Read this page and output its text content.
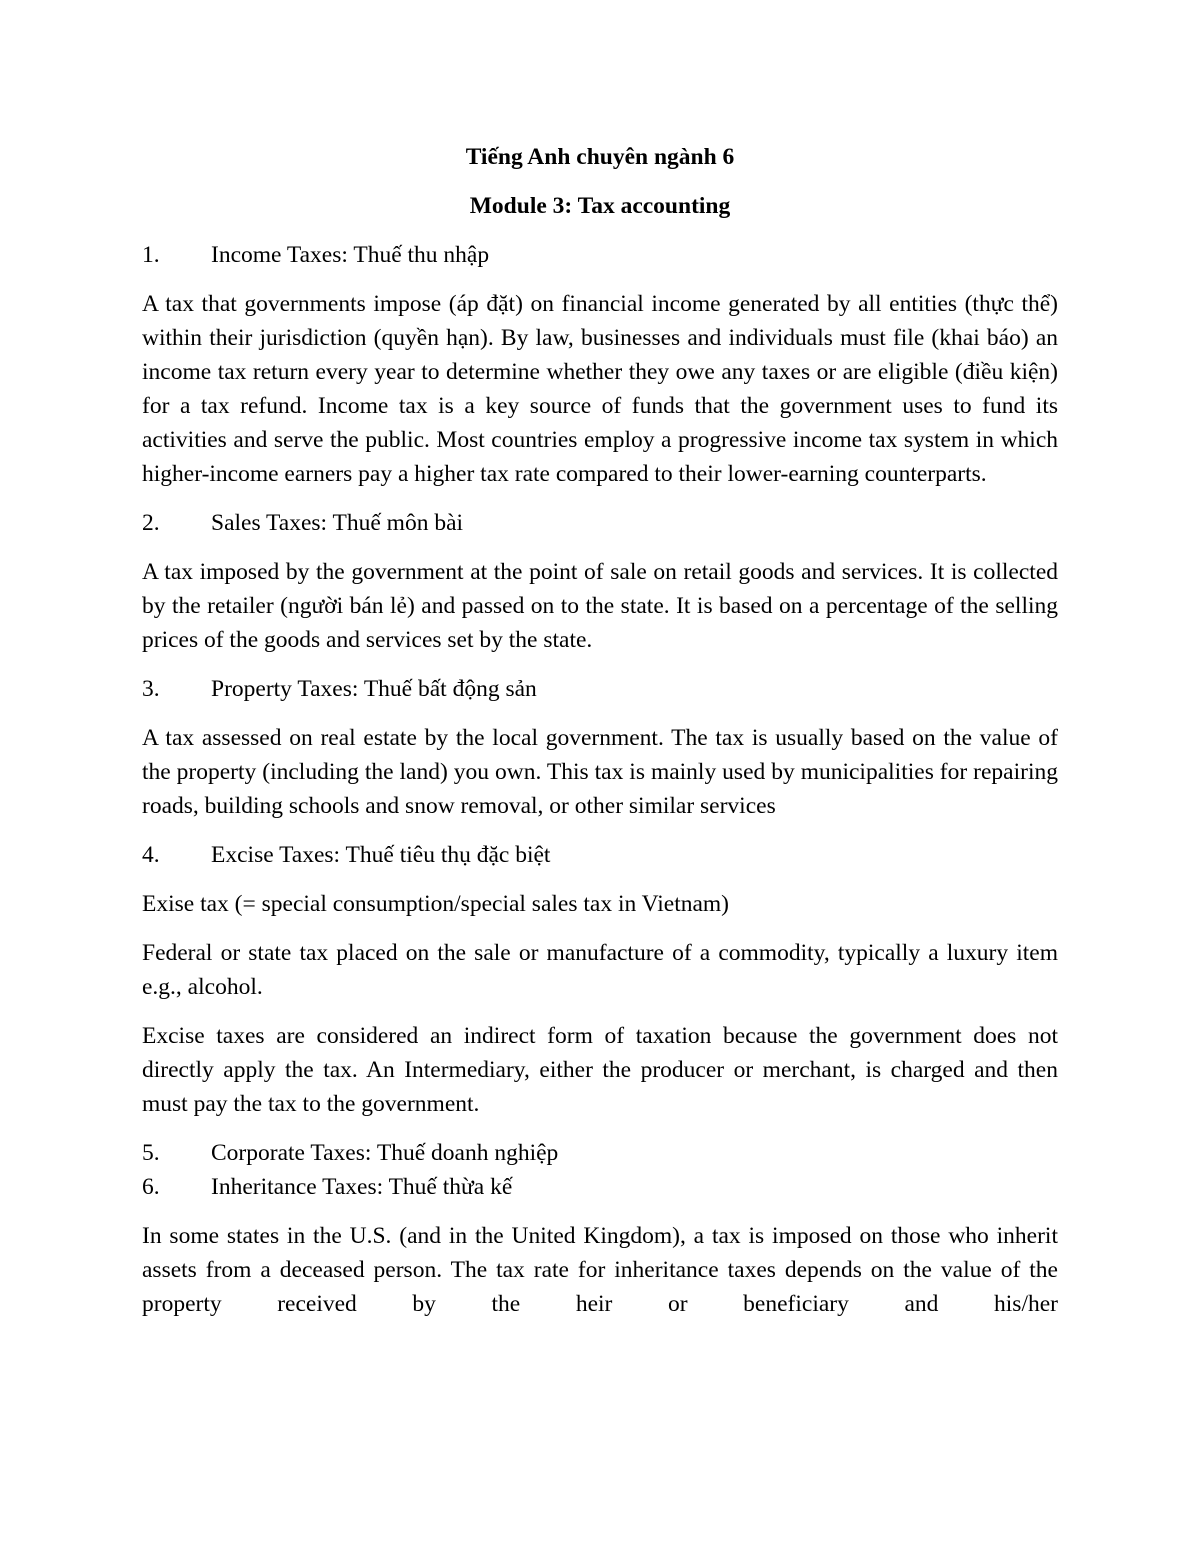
Tiếng Anh chuyên ngành 6
Module 3: Tax accounting
1.	Income Taxes: Thuế thu nhập
A tax that governments impose (áp đặt) on financial income generated by all entities (thực thể) within their jurisdiction (quyền hạn). By law, businesses and individuals must file (khai báo) an income tax return every year to determine whether they owe any taxes or are eligible (điều kiện) for a tax refund. Income tax is a key source of funds that the government uses to fund its activities and serve the public. Most countries employ a progressive income tax system in which higher-income earners pay a higher tax rate compared to their lower-earning counterparts.
2.	Sales Taxes: Thuế môn bài
A tax imposed by the government at the point of sale on retail goods and services. It is collected by the retailer (người bán lẻ) and passed on to the state. It is based on a percentage of the selling prices of the goods and services set by the state.
3.	Property Taxes: Thuế bất động sản
A tax assessed on real estate by the local government. The tax is usually based on the value of the property (including the land) you own. This tax is mainly used by municipalities for repairing roads, building schools and snow removal, or other similar services
4.	Excise Taxes: Thuế tiêu thụ đặc biệt
Exise tax (= special consumption/special sales tax in Vietnam)
Federal or state tax placed on the sale or manufacture of a commodity, typically a luxury item e.g., alcohol.
Excise taxes are considered an indirect form of taxation because the government does not directly apply the tax. An Intermediary, either the producer or merchant, is charged and then must pay the tax to the government.
5.	Corporate Taxes: Thuế doanh nghiệp
6.	Inheritance Taxes: Thuế thừa kế
In some states in the U.S. (and in the United Kingdom), a tax is imposed on those who inherit assets from a deceased person. The tax rate for inheritance taxes depends on the value of the property received by the heir or beneficiary and his/her
